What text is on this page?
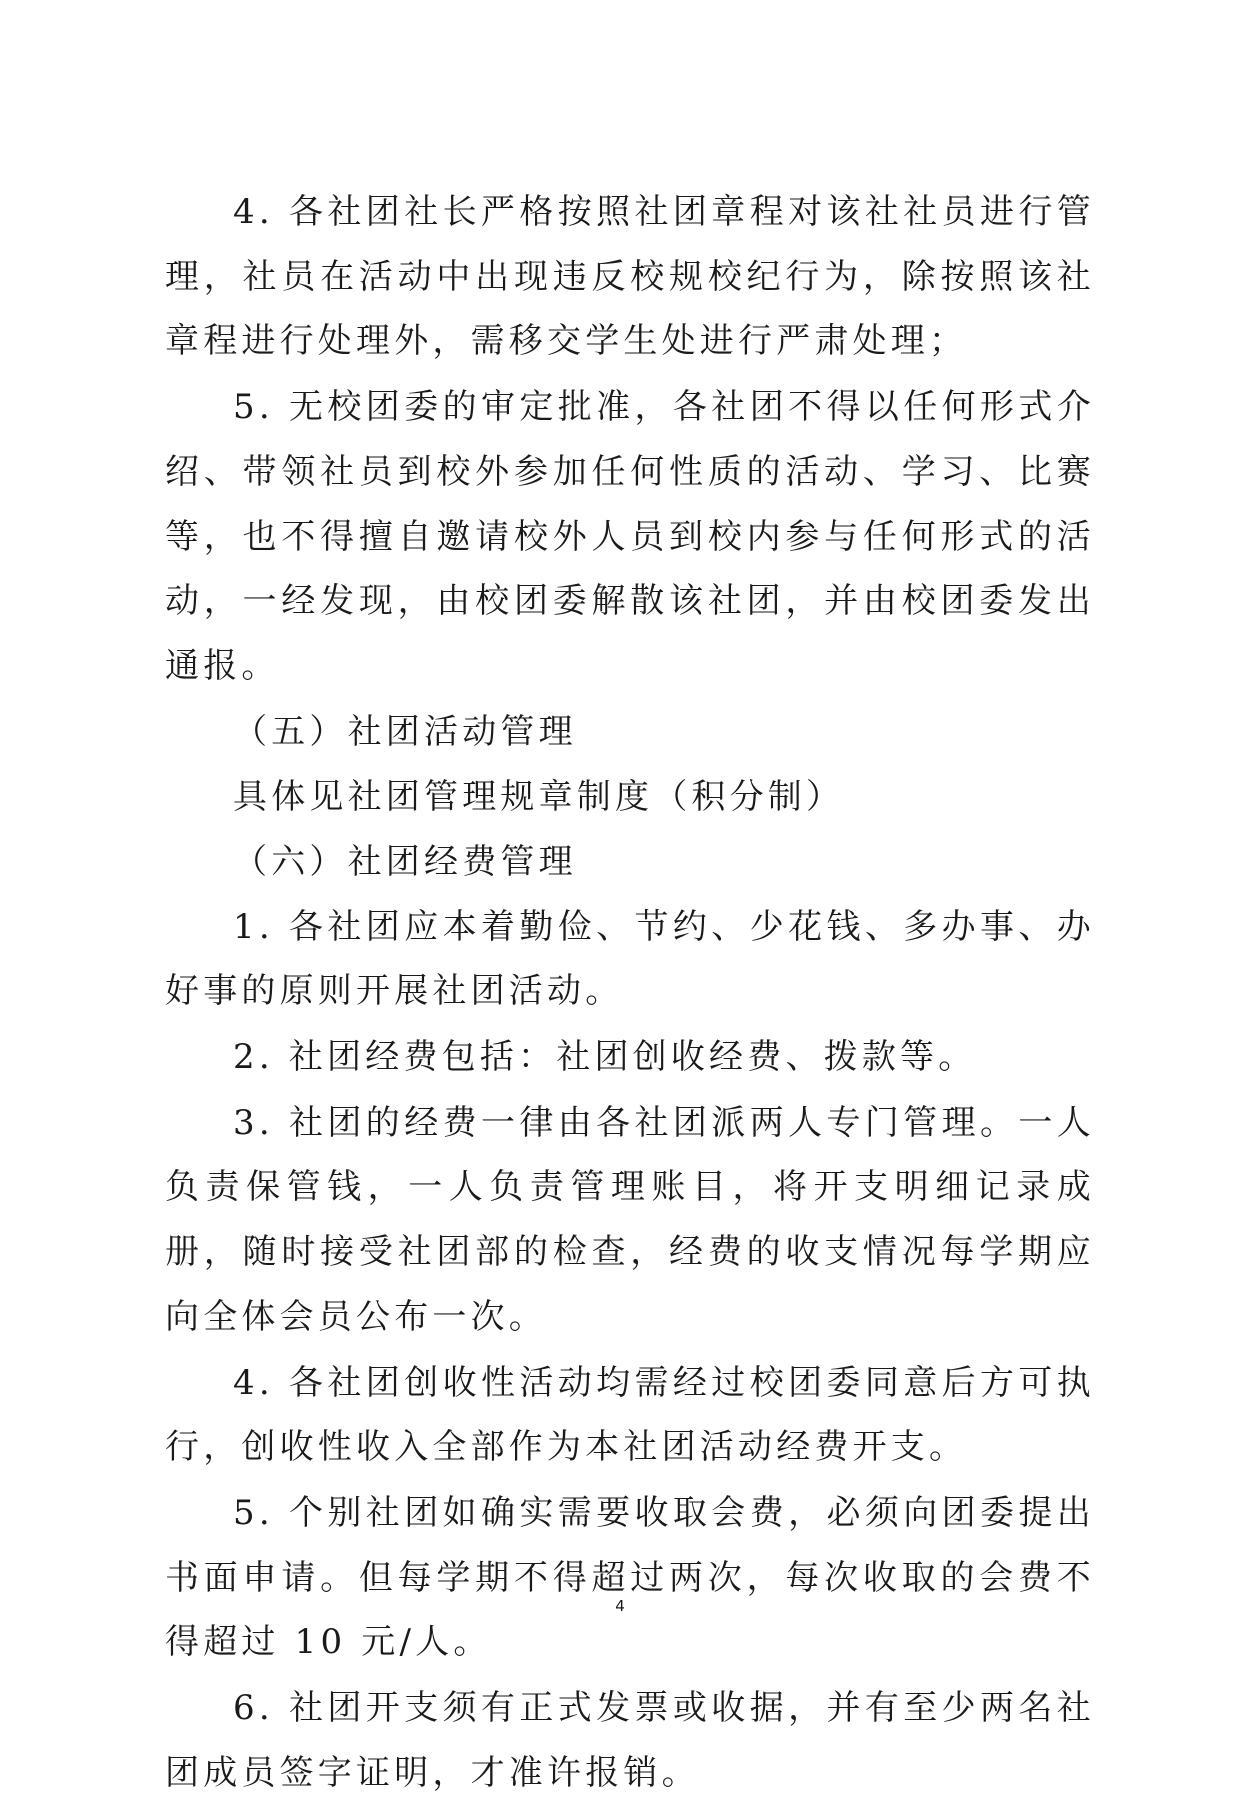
4. 各社团社长严格按照社团章程对该社社员进行管理，社员在活动中出现违反校规校纪行为，除按照该社章程进行处理外，需移交学生处进行严肃处理；

5. 无校团委的审定批准，各社团不得以任何形式介绍、带领社员到校外参加任何性质的活动、学习、比赛等，也不得擅自邀请校外人员到校内参与任何形式的活动，一经发现，由校团委解散该社团，并由校团委发出通报。

（五）社团活动管理

具体见社团管理规章制度（积分制）

（六）社团经费管理

1. 各社团应本着勤俭、节约、少花钱、多办事、办好事的原则开展社团活动。

2. 社团经费包括：社团创收经费、拨款等。

3. 社团的经费一律由各社团派两人专门管理。一人负责保管钱，一人负责管理账目，将开支明细记录成册，随时接受社团部的检查，经费的收支情况每学期应向全体会员公布一次。

4. 各社团创收性活动均需经过校团委同意后方可执行，创收性收入全部作为本社团活动经费开支。

5. 个别社团如确实需要收取会费，必须向团委提出书面申请。但每学期不得超过两次，每次收取的会费不得超过 10 元/人。

6. 社团开支须有正式发票或收据，并有至少两名社团成员签字证明，才准许报销。

4
